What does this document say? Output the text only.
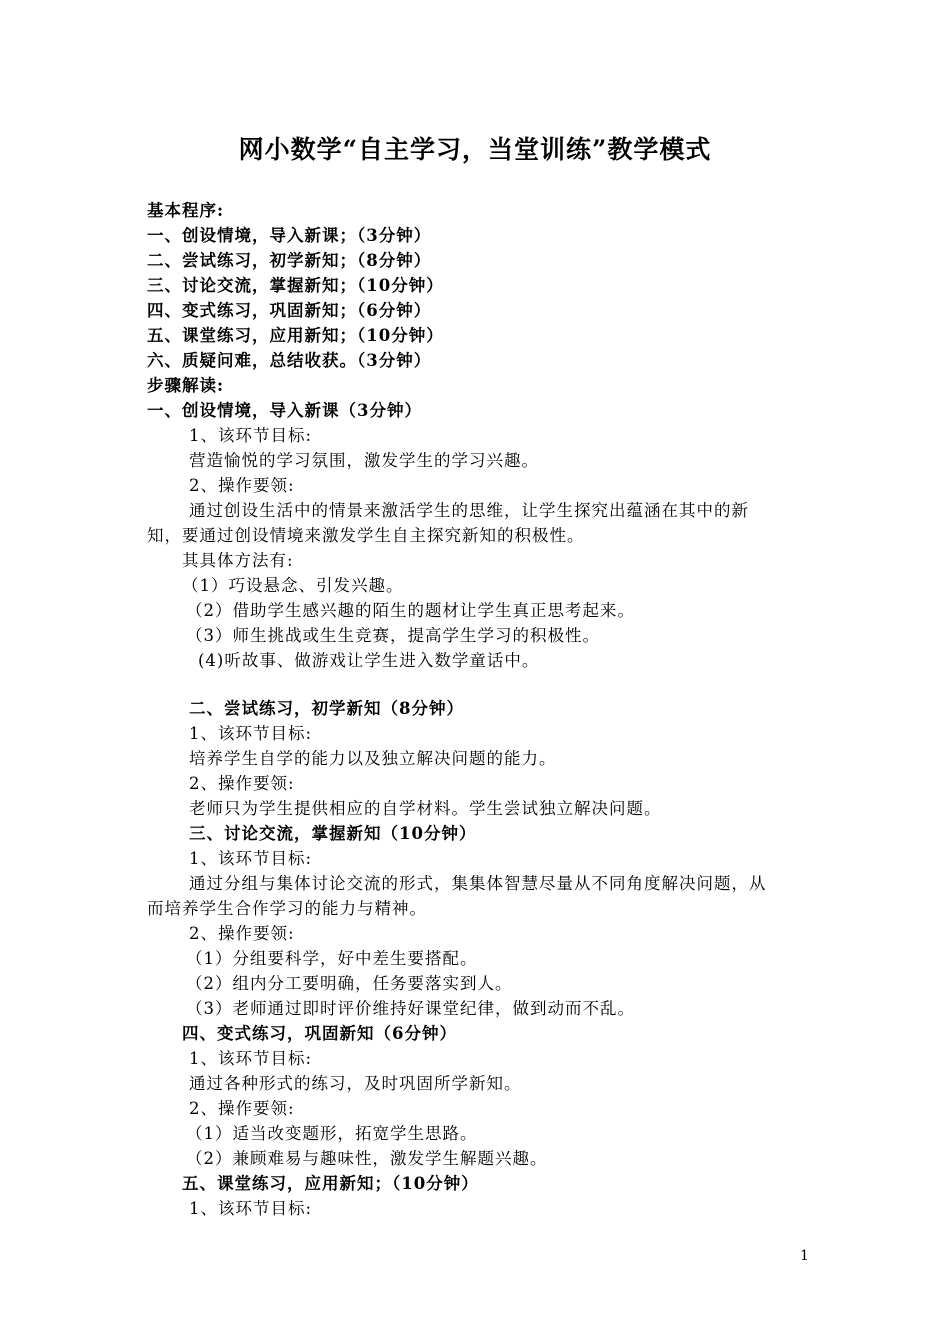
网小数学“自主学习，当堂训练”教学模式
基本程序:
一、创设情境，导入新课；（3分钟）
二、尝试练习，初学新知；（8分钟）
三、讨论交流，掌握新知；（10分钟）
四、变式练习，巩固新知；（6分钟）
五、课堂练习，应用新知；（10分钟）
六、质疑问难，总结收获。（3分钟）
步骤解读:
一、创设情境，导入新课（3分钟）
1、该环节目标:
营造愉悦的学习氛围，激发学生的学习兴趣。
2、操作要领:
通过创设生活中的情景来激活学生的思维，让学生探究出蕴涵在其中的新
知，要通过创设情境来激发学生自主探究新知的积极性。
其具体方法有:
（1）巧设悬念、引发兴趣。
（2）借助学生感兴趣的陌生的题材让学生真正思考起来。
（3）师生挑战或生生竞赛，提高学生学习的积极性。
(4)听故事、做游戏让学生进入数学童话中。
二、尝试练习，初学新知（8分钟）
1、该环节目标:
培养学生自学的能力以及独立解决问题的能力。
2、操作要领:
老师只为学生提供相应的自学材料。学生尝试独立解决问题。
三、讨论交流，掌握新知（10分钟）
1、该环节目标:
通过分组与集体讨论交流的形式，集集体智慧尽量从不同角度解决问题，从
而培养学生合作学习的能力与精神。
2、操作要领:
（1）分组要科学，好中差生要搭配。
（2）组内分工要明确，任务要落实到人。
（3）老师通过即时评价维持好课堂纪律，做到动而不乱。
四、变式练习，巩固新知（6分钟）
1、该环节目标:
通过各种形式的练习，及时巩固所学新知。
2、操作要领:
（1）适当改变题形，拓宽学生思路。
（2）兼顾难易与趣味性，激发学生解题兴趣。
五、课堂练习，应用新知；（10分钟）
1、该环节目标:
1
